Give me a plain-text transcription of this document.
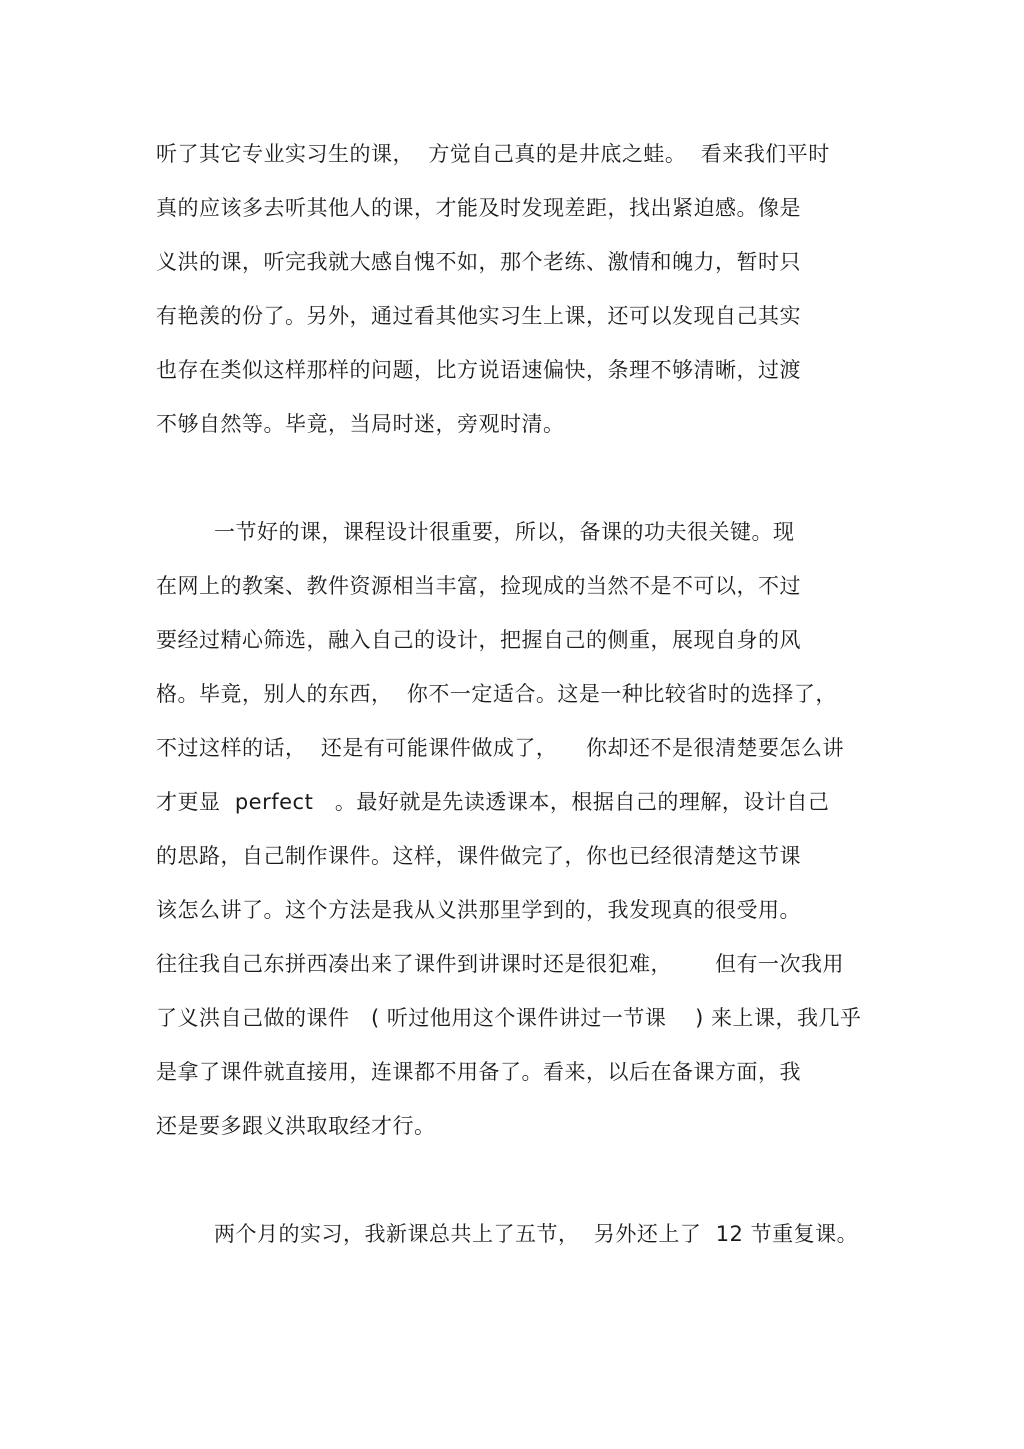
听了其它专业实习生的课，  方觉自己真的是井底之蛙。  看来我们平时
真的应该多去听其他人的课，才能及时发现差距，找出紧迫感。像是
义洪的课，听完我就大感自愧不如，那个老练、激情和魄力，暂时只
有艳羡的份了。另外，通过看其他实习生上课，还可以发现自己其实
也存在类似这样那样的问题，比方说语速偏快，条理不够清晰，过渡
不够自然等。毕竟，当局时迷，旁观时清。
一节好的课，课程设计很重要，所以，备课的功夫很关键。现
在网上的教案、教件资源相当丰富，捡现成的当然不是不可以，不过
要经过精心筛选，融入自己的设计，把握自己的侧重，展现自身的风
格。毕竟，别人的东西，  你不一定适合。这是一种比较省时的选择了，
不过这样的话，  还是有可能课件做成了，    你却还不是很清楚要怎么讲
才更显  perfect   。最好就是先读透课本，根据自己的理解，设计自己
的思路，自己制作课件。这样，课件做完了，你也已经很清楚这节课
该怎么讲了。这个方法是我从义洪那里学到的，我发现真的很受用。
往往我自己东拼西凑出来了课件到讲课时还是很犯难，      但有一次我用
了义洪自己做的课件   ( 听过他用这个课件讲过一节课    ) 来上课，我几乎
是拿了课件就直接用，连课都不用备了。看来，以后在备课方面，我
还是要多跟义洪取取经才行。
两个月的实习，我新课总共上了五节，  另外还上了  12 节重复课。
